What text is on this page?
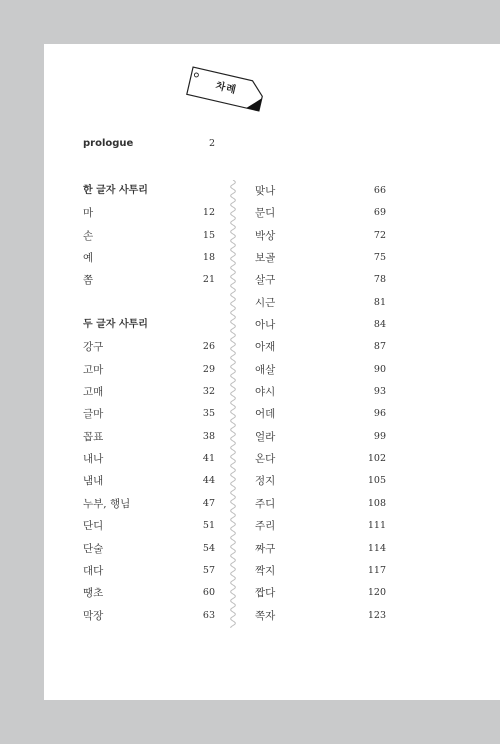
차례
prologue	2
한 글자 사투리
마	12
손	15
예	18
쫌	21
두 글자 사투리
강구	26
고마	29
고매	32
글마	35
꼽표	38
내나	41
냄내	44
누부, 행님	47
단디	51
단술	54
대다	57
땡초	60
막장	63
맞나	66
문디	69
박상	72
보골	75
살구	78
시근	81
아나	84
아재	87
애살	90
야시	93
어데	96
얼라	99
온다	102
정지	105
주디	108
주리	111
짜구	114
짝지	117
짭다	120
쪽자	123
